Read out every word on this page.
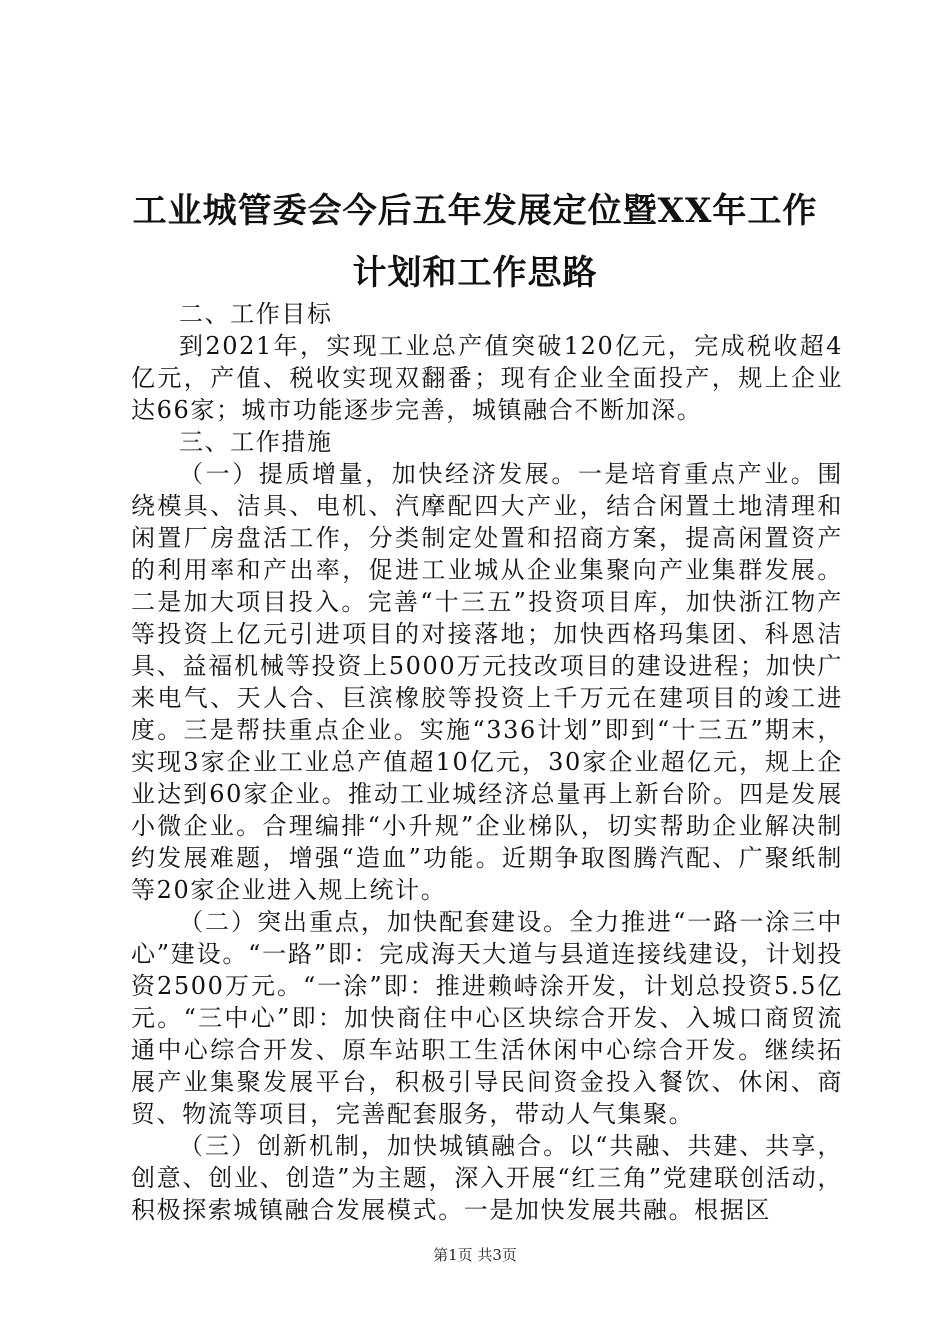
工业城管委会今后五年发展定位暨XX年工作
计划和工作思路

二、工作目标

到2021年，实现工业总产值突破120亿元，完成税收超4亿元，产值、税收实现双翻番；现有企业全面投产，规上企业达66家；城市功能逐步完善，城镇融合不断加深。

三、工作措施

（一）提质增量，加快经济发展。一是培育重点产业。围绕模具、洁具、电机、汽摩配四大产业，结合闲置土地清理和闲置厂房盘活工作，分类制定处置和招商方案，提高闲置资产的利用率和产出率，促进工业城从企业集聚向产业集群发展。二是加大项目投入。完善“十三五”投资项目库，加快浙江物产等投资上亿元引进项目的对接落地；加快西格玛集团、科恩洁具、益福机械等投资上5000万元技改项目的建设进程；加快广来电气、天人合、巨滨橡胶等投资上千万元在建项目的竣工进度。三是帮扶重点企业。实施“336计划”即到“十三五”期末，实现3家企业工业总产值超10亿元，30家企业超亿元，规上企业达到60家企业。推动工业城经济总量再上新台阶。四是发展小微企业。合理编排“小升规”企业梯队，切实帮助企业解决制约发展难题，增强“造血”功能。近期争取图腾汽配、广聚纸制等20家企业进入规上统计。

（二）突出重点，加快配套建设。全力推进“一路一涂三中心”建设。“一路”即：完成海天大道与县道连接线建设，计划投资2500万元。“一涂”即：推进赖峙涂开发，计划总投资5.5亿元。“三中心”即：加快商住中心区块综合开发、入城口商贸流通中心综合开发、原车站职工生活休闲中心综合开发。继续拓展产业集聚发展平台，积极引导民间资金投入餐饮、休闲、商贸、物流等项目，完善配套服务，带动人气集聚。

（三）创新机制，加快城镇融合。以“共融、共建、共享，创意、创业、创造”为主题，深入开展“红三角”党建联创活动，积极探索城镇融合发展模式。一是加快发展共融。根据区

第1页 共3页
